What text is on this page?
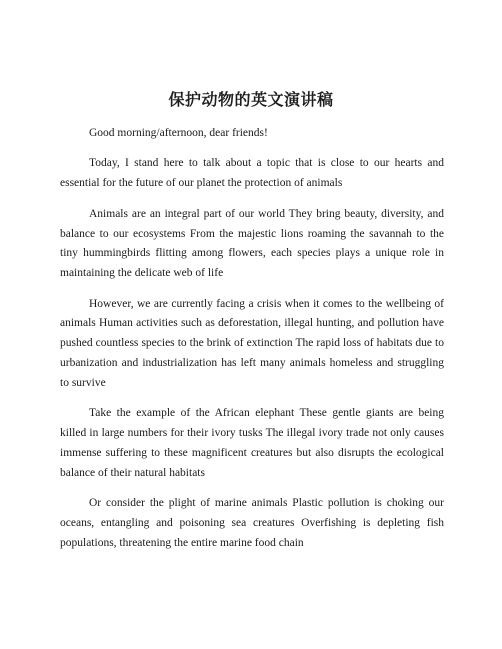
保护动物的英文演讲稿

Good morning/afternoon, dear friends!

Today, I stand here to talk about a topic that is close to our hearts and essential for the future of our planet the protection of animals

Animals are an integral part of our world They bring beauty, diversity, and balance to our ecosystems From the majestic lions roaming the savannah to the tiny hummingbirds flitting among flowers, each species plays a unique role in maintaining the delicate web of life

However, we are currently facing a crisis when it comes to the wellbeing of animals Human activities such as deforestation, illegal hunting, and pollution have pushed countless species to the brink of extinction The rapid loss of habitats due to urbanization and industrialization has left many animals homeless and struggling to survive

Take the example of the African elephant These gentle giants are being killed in large numbers for their ivory tusks The illegal ivory trade not only causes immense suffering to these magnificent creatures but also disrupts the ecological balance of their natural habitats

Or consider the plight of marine animals Plastic pollution is choking our oceans, entangling and poisoning sea creatures Overfishing is depleting fish populations, threatening the entire marine food chain
